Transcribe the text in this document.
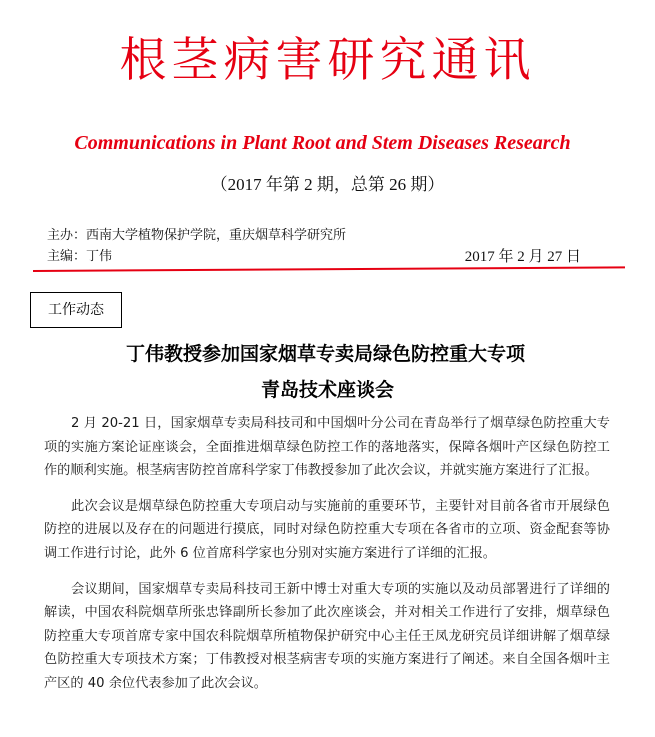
根茎病害研究通讯
Communications in Plant Root and Stem Diseases Research
（2017 年第 2 期，总第 26 期）
主办：西南大学植物保护学院，重庆烟草科学研究所
主编：丁伟	2017 年 2 月 27 日
工作动态
丁伟教授参加国家烟草专卖局绿色防控重大专项
青岛技术座谈会

2 月 20-21 日，国家烟草专卖局科技司和中国烟叶分公司在青岛举行了烟草绿色防控重大专项的实施方案论证座谈会，全面推进烟草绿色防控工作的落地落实，保障各烟叶产区绿色防控工作的顺利实施。根茎病害防控首席科学家丁伟教授参加了此次会议，并就实施方案进行了汇报。

此次会议是烟草绿色防控重大专项启动与实施前的重要环节，主要针对目前各省市开展绿色防控的进展以及存在的问题进行摸底，同时对绿色防控重大专项在各省市的立项、资金配套等协调工作进行讨论，此外 6 位首席科学家也分别对实施方案进行了详细的汇报。

会议期间，国家烟草专卖局科技司王新中博士对重大专项的实施以及动员部署进行了详细的解读，中国农科院烟草所张忠锋副所长参加了此次座谈会，并对相关工作进行了安排，烟草绿色防控重大专项首席专家中国农科院烟草所植物保护研究中心主任王凤龙研究员详细讲解了烟草绿色防控重大专项技术方案；丁伟教授对根茎病害专项的实施方案进行了阐述。来自全国各烟叶主产区的 40 余位代表参加了此次会议。
